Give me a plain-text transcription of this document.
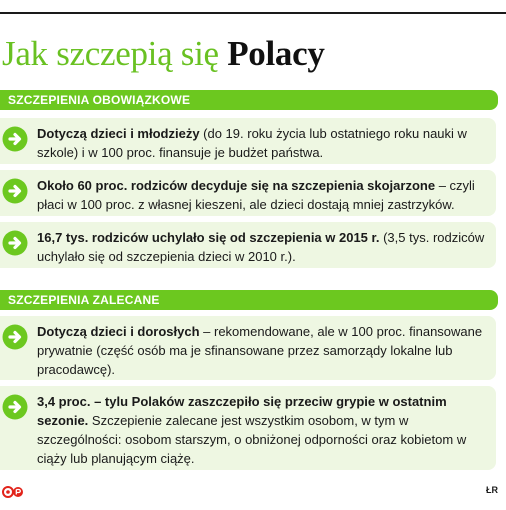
Jak szczepią się Polacy
SZCZEPIENIA OBOWIĄZKOWE
Dotyczą dzieci i młodzieży (do 19. roku życia lub ostatniego roku nauki w szkole) i w 100 proc. finansuje je budżet państwa.
Około 60 proc. rodziców decyduje się na szczepienia skojarzone – czyli płaci w 100 proc. z własnej kieszeni, ale dzieci dostają mniej zastrzyków.
16,7 tys. rodziców uchylało się od szczepienia w 2015 r. (3,5 tys. rodziców uchylało się od szczepienia dzieci w 2010 r.).
SZCZEPIENIA ZALECANE
Dotyczą dzieci i dorosłych – rekomendowane, ale w 100 proc. finansowane prywatnie (część osób ma je sfinansowane przez samorządy lokalne lub pracodawcę).
3,4 proc. – tylu Polaków zaszczepiło się przeciw grypie w ostatnim sezonie. Szczepienie zalecane jest wszystkim osobom, w tym w szczególności: osobom starszym, o obniżonej odporności oraz kobietom w ciąży lub planującym ciążę.
ŁR
